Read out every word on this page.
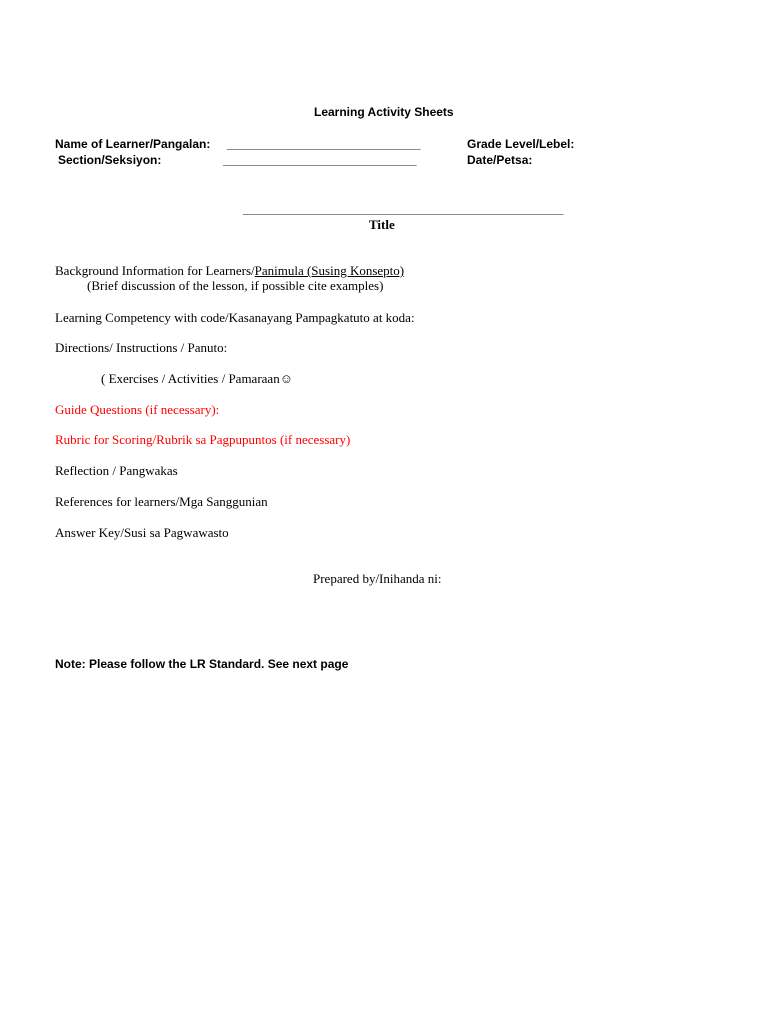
Learning Activity Sheets
Name of Learner/Pangalan: _____________________________	Grade Level/Lebel:
Section/Seksiyon:	_____________________________	Date/Petsa:
________________________________________________
Title
Background Information for Learners/Panimula (Susing Konsepto)
(Brief discussion of the lesson, if possible cite examples)
Learning Competency with code/Kasanayang Pampagkatuto at koda:
Directions/ Instructions / Panuto:
( Exercises / Activities / Pamaraan☺
Guide Questions (if necessary):
Rubric for Scoring/Rubrik sa Pagpupuntos (if necessary)
Reflection / Pangwakas
References for learners/Mga Sanggunian
Answer Key/Susi sa Pagwawasto
Prepared by/Inihanda ni:
Note: Please follow the LR Standard. See next page
